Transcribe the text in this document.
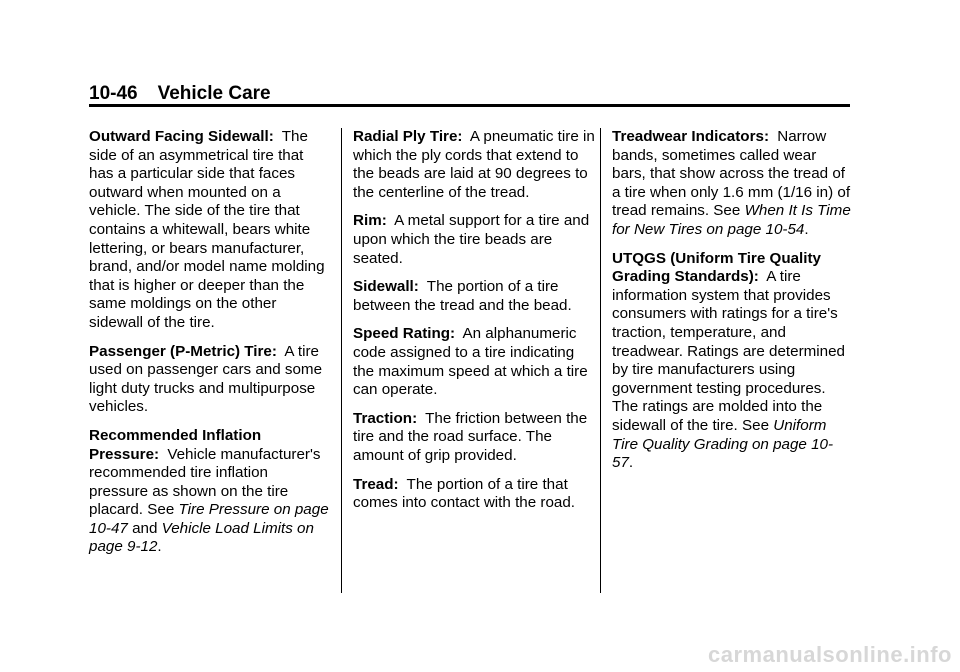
10-46 Vehicle Care

Outward Facing Sidewall: The side of an asymmetrical tire that has a particular side that faces outward when mounted on a vehicle. The side of the tire that contains a whitewall, bears white lettering, or bears manufacturer, brand, and/or model name molding that is higher or deeper than the same moldings on the other sidewall of the tire.

Passenger (P-Metric) Tire: A tire used on passenger cars and some light duty trucks and multipurpose vehicles.

Recommended Inflation Pressure: Vehicle manufacturer's recommended tire inflation pressure as shown on the tire placard. See Tire Pressure on page 10-47 and Vehicle Load Limits on page 9-12.

Radial Ply Tire: A pneumatic tire in which the ply cords that extend to the beads are laid at 90 degrees to the centerline of the tread.

Rim: A metal support for a tire and upon which the tire beads are seated.

Sidewall: The portion of a tire between the tread and the bead.

Speed Rating: An alphanumeric code assigned to a tire indicating the maximum speed at which a tire can operate.

Traction: The friction between the tire and the road surface. The amount of grip provided.

Tread: The portion of a tire that comes into contact with the road.

Treadwear Indicators: Narrow bands, sometimes called wear bars, that show across the tread of a tire when only 1.6 mm (1/16 in) of tread remains. See When It Is Time for New Tires on page 10-54.

UTQGS (Uniform Tire Quality Grading Standards): A tire information system that provides consumers with ratings for a tire's traction, temperature, and treadwear. Ratings are determined by tire manufacturers using government testing procedures. The ratings are molded into the sidewall of the tire. See Uniform Tire Quality Grading on page 10-57.

carmanualsonline.info
